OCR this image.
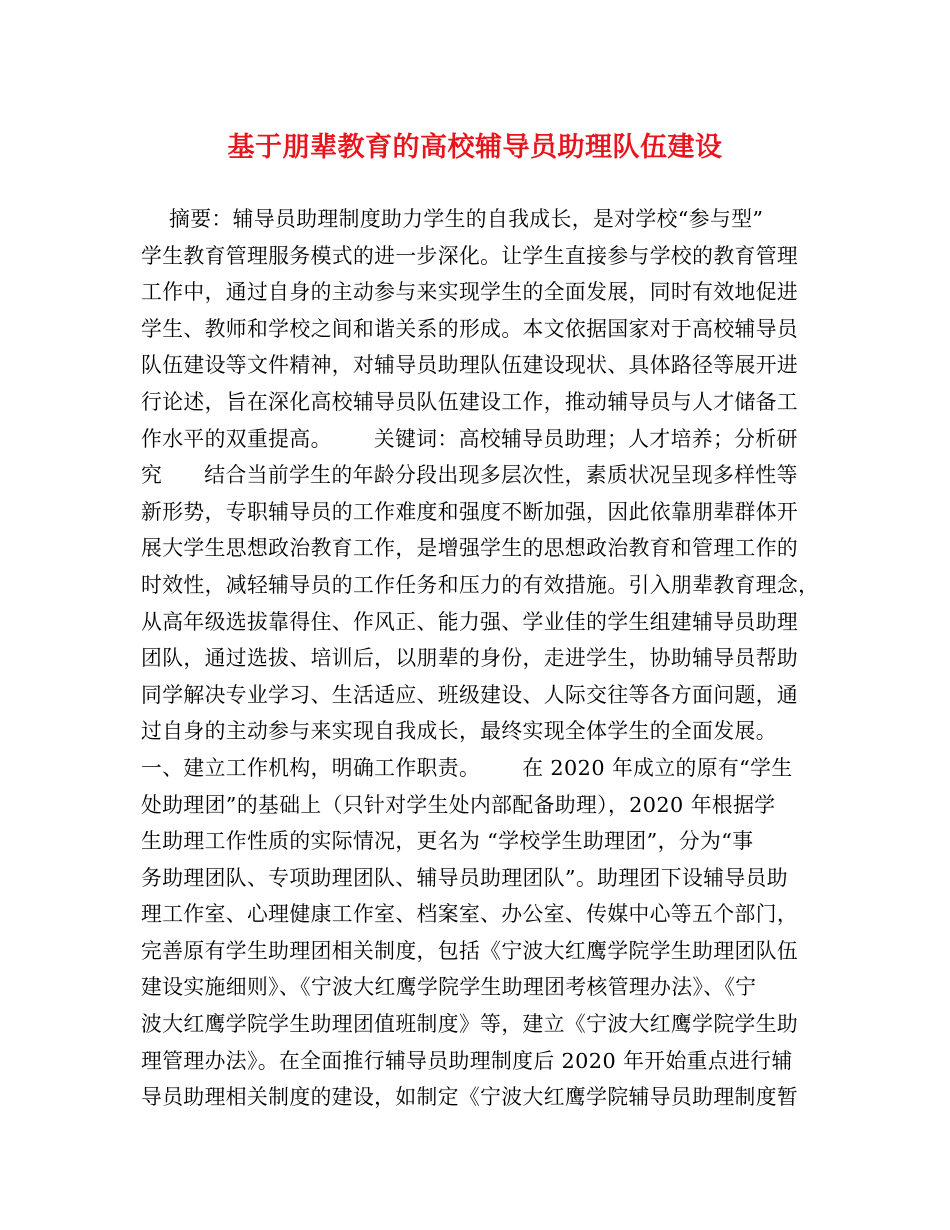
基于朋辈教育的高校辅导员助理队伍建设
摘要：辅导员助理制度助力学生的自我成长，是对学校“参与型”
学生教育管理服务模式的进一步深化。让学生直接参与学校的教育管理
工作中，通过自身的主动参与来实现学生的全面发展，同时有效地促进
学生、教师和学校之间和谐关系的形成。本文依据国家对于高校辅导员
队伍建设等文件精神，对辅导员助理队伍建设现状、具体路径等展开进
行论述，旨在深化高校辅导员队伍建设工作，推动辅导员与人才储备工
作水平的双重提高。      关键词：高校辅导员助理；人才培养；分析研
究      结合当前学生的年龄分段出现多层次性，素质状况呈现多样性等
新形势，专职辅导员的工作难度和强度不断加强，因此依靠朋辈群体开
展大学生思想政治教育工作，是增强学生的思想政治教育和管理工作的
时效性，减轻辅导员的工作任务和压力的有效措施。引入朋辈教育理念，
从高年级选拔靠得住、作风正、能力强、学业佳的学生组建辅导员助理
团队，通过选拔、培训后，以朋辈的身份，走进学生，协助辅导员帮助
同学解决专业学习、生活适应、班级建设、人际交往等各方面问题，通
过自身的主动参与来实现自我成长，最终实现全体学生的全面发展。
一、建立工作机构，明确工作职责。      在 2020 年成立的原有“学生
处助理团”的基础上（只针对学生处内部配备助理），2020 年根据学
生助理工作性质的实际情况，更名为 “学校学生助理团”，分为“事
务助理团队、专项助理团队、辅导员助理团队”。助理团下设辅导员助
理工作室、心理健康工作室、档案室、办公室、传媒中心等五个部门，
完善原有学生助理团相关制度，包括《宁波大红鹰学院学生助理团队伍
建设实施细则》、《宁波大红鹰学院学生助理团考核管理办法》、《宁
波大红鹰学院学生助理团值班制度》等，建立《宁波大红鹰学院学生助
理管理办法》。在全面推行辅导员助理制度后 2020 年开始重点进行辅
导员助理相关制度的建设，如制定《宁波大红鹰学院辅导员助理制度暂
